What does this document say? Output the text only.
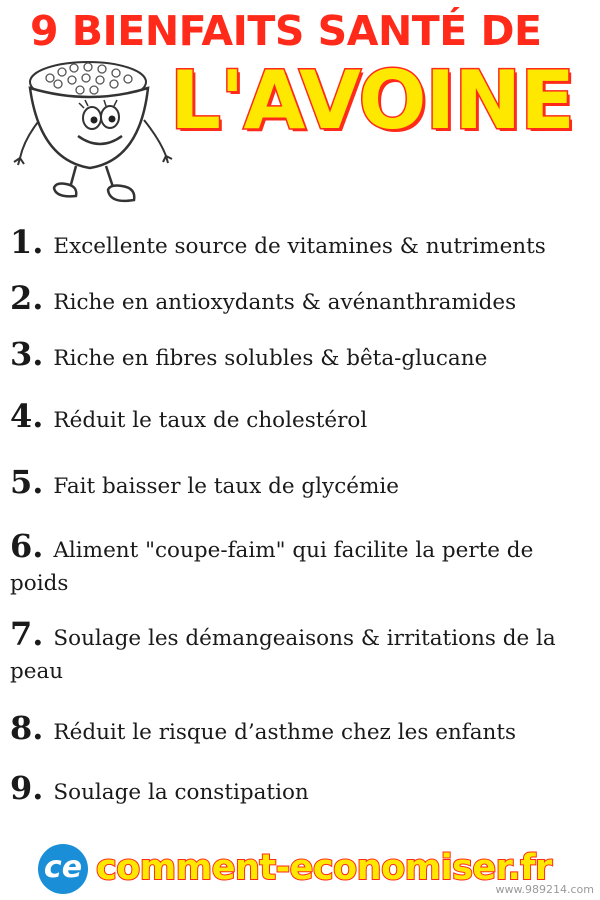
9 BIENFAITS SANTÉ DE
L'AVOINE
1. Excellente source de vitamines & nutriments
2. Riche en antioxydants & avénanthramides
3. Riche en fibres solubles & bêta-glucane
4. Réduit le taux de cholestérol
5. Fait baisser le taux de glycémie
6. Aliment "coupe-faim" qui facilite la perte de poids
7. Soulage les démangeaisons & irritations de la peau
8. Réduit le risque d’asthme chez les enfants
9. Soulage la constipation
ce comment-economiser.fr
www.989214.com
